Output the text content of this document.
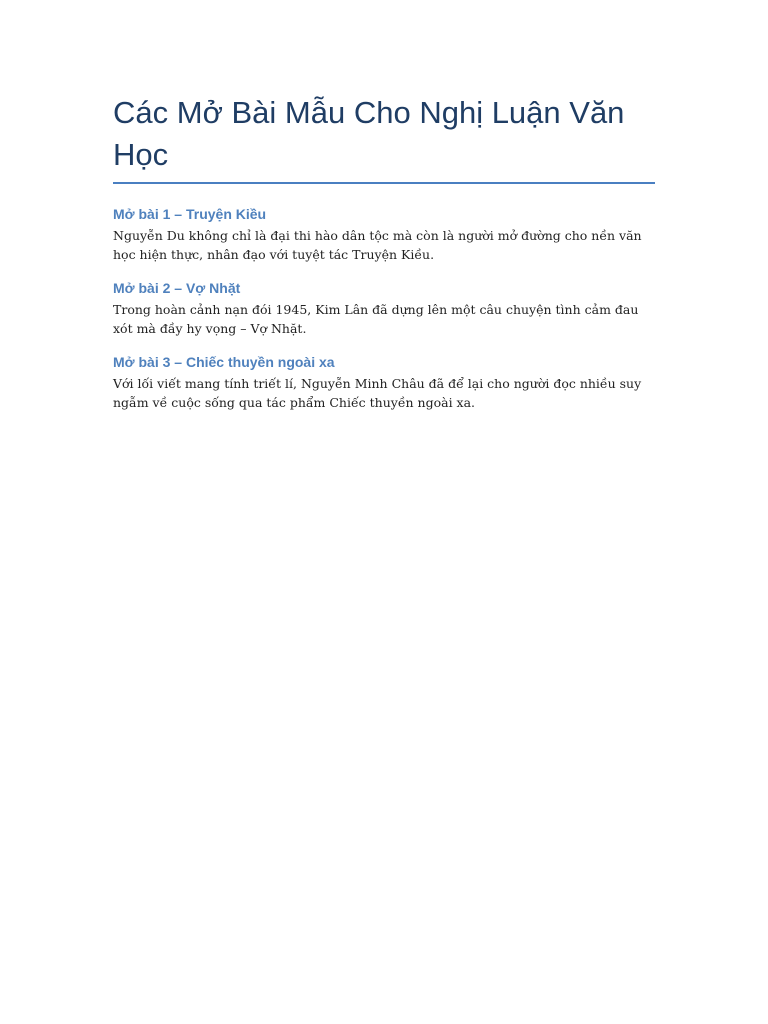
Các Mở Bài Mẫu Cho Nghị Luận Văn Học
Mở bài 1 – Truyện Kiều

Nguyễn Du không chỉ là đại thi hào dân tộc mà còn là người mở đường cho nền văn học hiện thực, nhân đạo với tuyệt tác Truyện Kiều.

Mở bài 2 – Vợ Nhặt

Trong hoàn cảnh nạn đói 1945, Kim Lân đã dựng lên một câu chuyện tình cảm đau xót mà đầy hy vọng – Vợ Nhặt.

Mở bài 3 – Chiếc thuyền ngoài xa

Với lối viết mang tính triết lí, Nguyễn Minh Châu đã để lại cho người đọc nhiều suy ngẫm về cuộc sống qua tác phẩm Chiếc thuyền ngoài xa.
